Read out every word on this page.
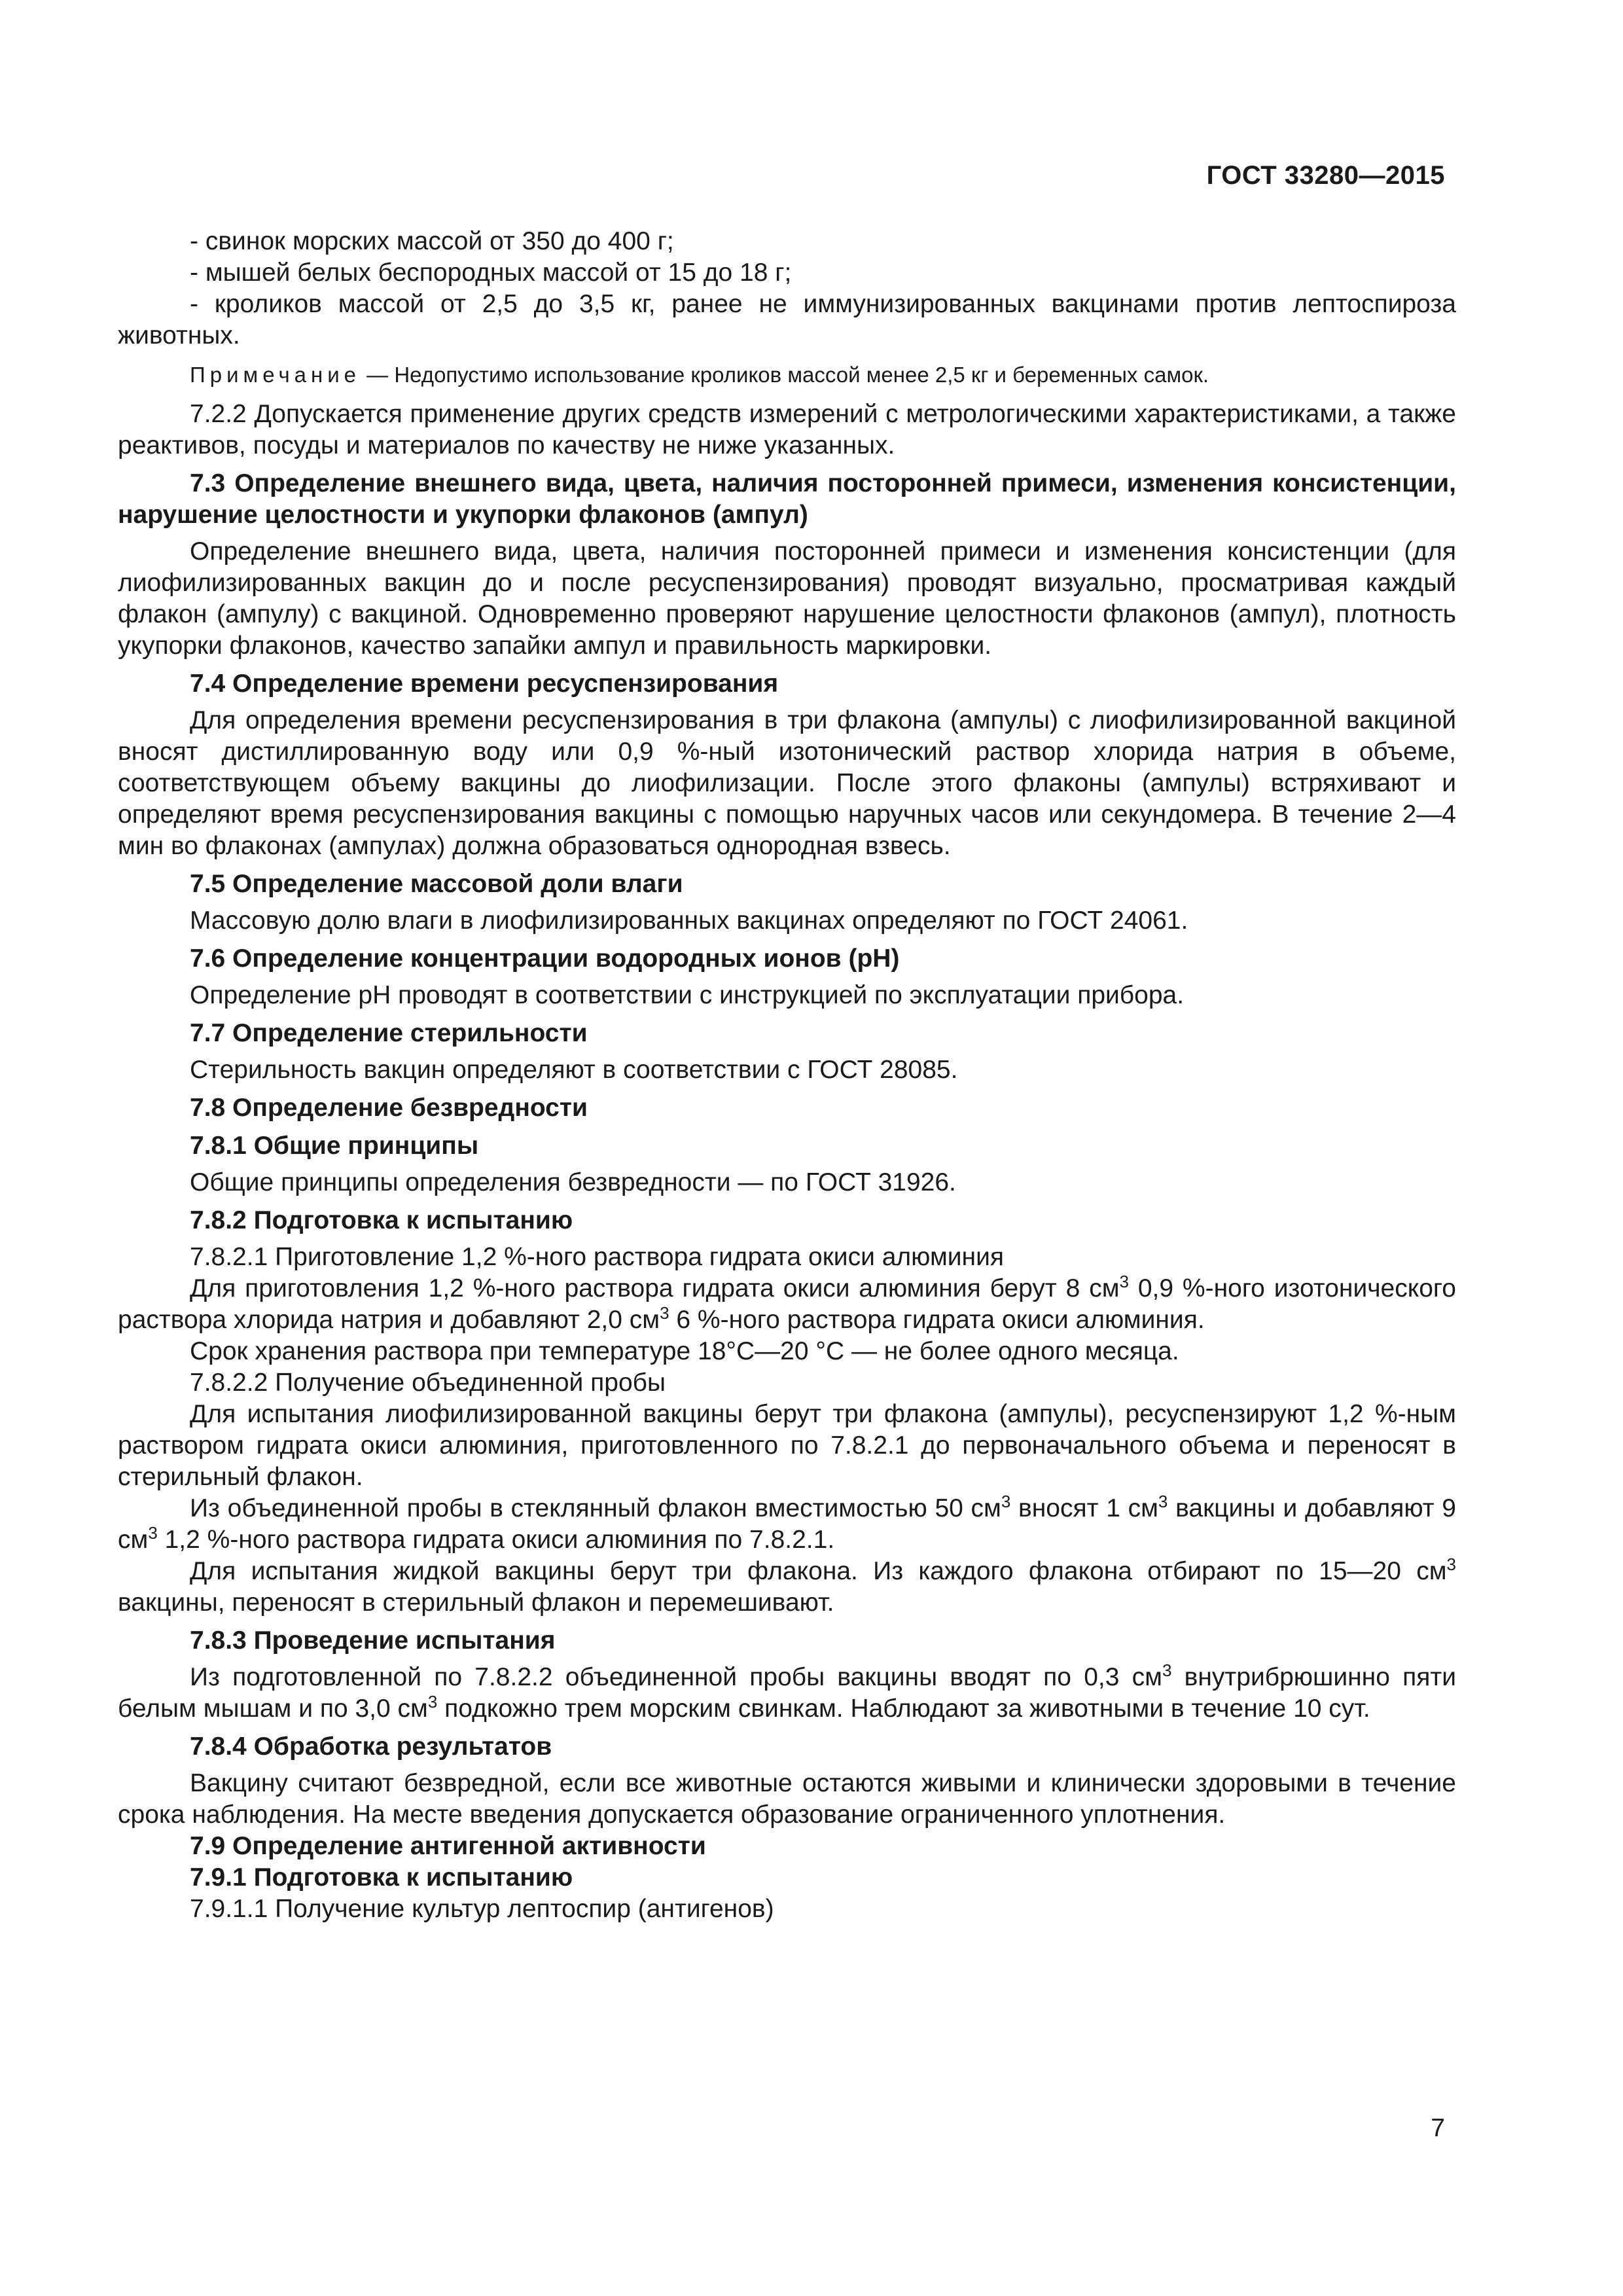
ГОСТ 33280—2015

- свинок морских массой от 350 до 400 г;

- мышей белых беспородных массой от 15 до 18 г;

- кроликов массой от 2,5 до 3,5 кг, ранее не иммунизированных вакцинами против лептоспироза животных.

Примечание — Недопустимо использование кроликов массой менее 2,5 кг и беременных самок.

7.2.2 Допускается применение других средств измерений с метрологическими характеристиками, а также реактивов, посуды и материалов по качеству не ниже указанных.

7.3 Определение внешнего вида, цвета, наличия посторонней примеси, изменения консистенции, нарушение целостности и укупорки флаконов (ампул)

Определение внешнего вида, цвета, наличия посторонней примеси и изменения консистенции (для лиофилизированных вакцин до и после ресуспензирования) проводят визуально, просматривая каждый флакон (ампулу) с вакциной. Одновременно проверяют нарушение целостности флаконов (ампул), плотность укупорки флаконов, качество запайки ампул и правильность маркировки.

7.4 Определение времени ресуспензирования

Для определения времени ресуспензирования в три флакона (ампулы) с лиофилизированной вакциной вносят дистиллированную воду или 0,9 %-ный изотонический раствор хлорида натрия в объеме, соответствующем объему вакцины до лиофилизации. После этого флаконы (ампулы) встряхивают и определяют время ресуспензирования вакцины с помощью наручных часов или секундомера. В течение 2—4 мин во флаконах (ампулах) должна образоваться однородная взвесь.

7.5 Определение массовой доли влаги

Массовую долю влаги в лиофилизированных вакцинах определяют по ГОСТ 24061.

7.6 Определение концентрации водородных ионов (pH)

Определение pH проводят в соответствии с инструкцией по эксплуатации прибора.

7.7 Определение стерильности

Стерильность вакцин определяют в соответствии с ГОСТ 28085.

7.8 Определение безвредности
7.8.1 Общие принципы

Общие принципы определения безвредности — по ГОСТ 31926.

7.8.2 Подготовка к испытанию

7.8.2.1 Приготовление 1,2 %-ного раствора гидрата окиси алюминия

Для приготовления 1,2 %-ного раствора гидрата окиси алюминия берут 8 $см^3$ 0,9 %-ного изотонического раствора хлорида натрия и добавляют 2,0 $см^3$ 6 %-ного раствора гидрата окиси алюминия.

Срок хранения раствора при температуре 18°С—20 °С — не более одного месяца.

7.8.2.2 Получение объединенной пробы

Для испытания лиофилизированной вакцины берут три флакона (ампулы), ресуспензируют 1,2 %-ным раствором гидрата окиси алюминия, приготовленного по 7.8.2.1 до первоначального объема и переносят в стерильный флакон.

Из объединенной пробы в стеклянный флакон вместимостью 50 $см^3$ вносят 1 $см^3$ вакцины и добавляют 9 $см^3$ 1,2 %-ного раствора гидрата окиси алюминия по 7.8.2.1.

Для испытания жидкой вакцины берут три флакона. Из каждого флакона отбирают по 15—20 $см^3$ вакцины, переносят в стерильный флакон и перемешивают.

7.8.3 Проведение испытания

Из подготовленной по 7.8.2.2 объединенной пробы вакцины вводят по 0,3 $см^3$ внутрибрюшинно пяти белым мышам и по 3,0 $см^3$ подкожно трем морским свинкам. Наблюдают за животными в течение 10 сут.

7.8.4 Обработка результатов

Вакцину считают безвредной, если все животные остаются живыми и клинически здоровыми в течение срока наблюдения. На месте введения допускается образование ограниченного уплотнения.

7.9 Определение антигенной активности
7.9.1 Подготовка к испытанию

7.9.1.1 Получение культур лептоспир (антигенов)

7
